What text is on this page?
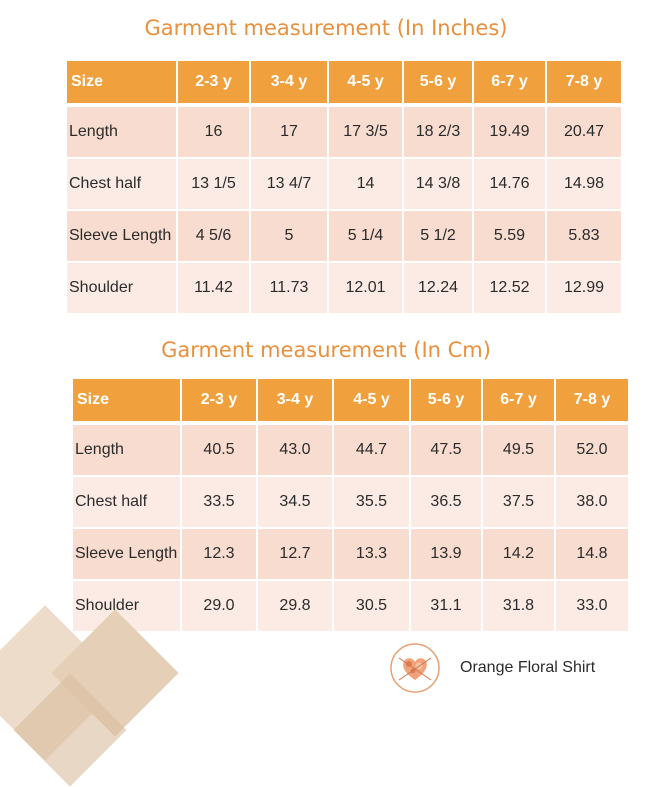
Garment measurement (In Inches)
Size	2-3 y	3-4 y	4-5 y	5-6 y	6-7 y	7-8 y
Length	16	17	17 3/5	18 2/3	19.49	20.47
Chest half	13 1/5	13 4/7	14	14 3/8	14.76	14.98
Sleeve Length	4 5/6	5	5 1/4	5 1/2	5.59	5.83
Shoulder	11.42	11.73	12.01	12.24	12.52	12.99
Garment measurement (In Cm)
Size	2-3 y	3-4 y	4-5 y	5-6 y	6-7 y	7-8 y
Length	40.5	43.0	44.7	47.5	49.5	52.0
Chest half	33.5	34.5	35.5	36.5	37.5	38.0
Sleeve Length	12.3	12.7	13.3	13.9	14.2	14.8
Shoulder	29.0	29.8	30.5	31.1	31.8	33.0
Orange Floral Shirt
